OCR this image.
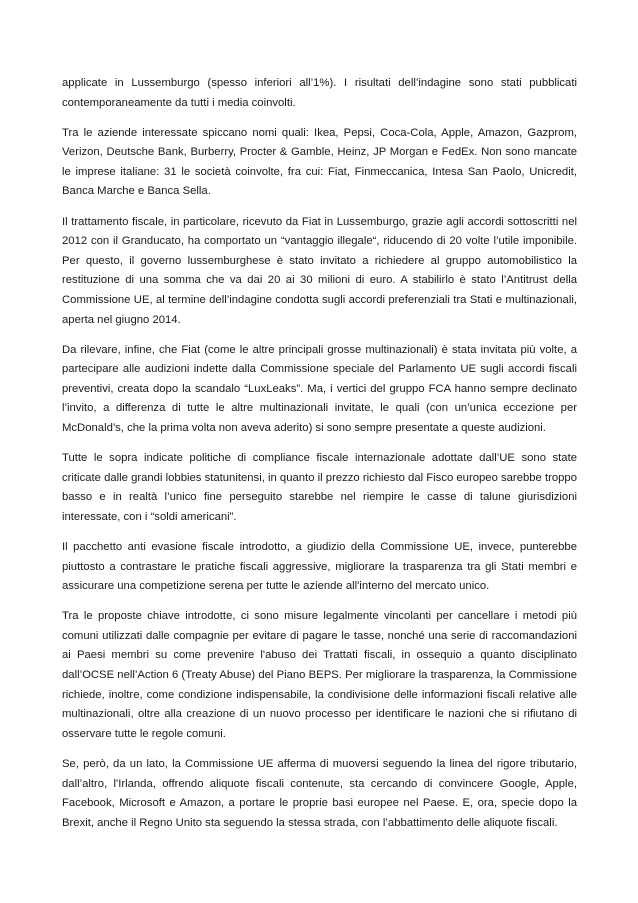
applicate in Lussemburgo (spesso inferiori all’1%). I risultati dell’indagine sono stati pubblicati contemporaneamente da tutti i media coinvolti.

Tra le aziende interessate spiccano nomi quali: Ikea, Pepsi, Coca-Cola, Apple, Amazon, Gazprom, Verizon, Deutsche Bank, Burberry, Procter & Gamble, Heinz, JP Morgan e FedEx. Non sono mancate le imprese italiane: 31 le società coinvolte, fra cui: Fiat, Finmeccanica, Intesa San Paolo, Unicredit, Banca Marche e Banca Sella.

Il trattamento fiscale, in particolare, ricevuto da Fiat in Lussemburgo, grazie agli accordi sottoscritti nel 2012 con il Granducato, ha comportato un “vantaggio illegale“, riducendo di 20 volte l’utile imponibile. Per questo, il governo lussemburghese è stato invitato a richiedere al gruppo automobilistico la restituzione di una somma che va dai 20 ai 30 milioni di euro. A stabilirlo è stato l’Antitrust della Commissione UE, al termine dell’indagine condotta sugli accordi preferenziali tra Stati e multinazionali, aperta nel giugno 2014.

Da rilevare, infine, che Fiat (come le altre principali grosse multinazionali) è stata invitata più volte, a partecipare alle audizioni indette dalla Commissione speciale del Parlamento UE sugli accordi fiscali preventivi, creata dopo la scandalo “LuxLeaks”. Ma, i vertici del gruppo FCA hanno sempre declinato l’invito, a differenza di tutte le altre multinazionali invitate, le quali (con un’unica eccezione per McDonald’s, che la prima volta non aveva aderito) si sono sempre presentate a queste audizioni.

Tutte le sopra indicate politiche di compliance fiscale internazionale adottate dall’UE sono state criticate dalle grandi lobbies statunitensi, in quanto il prezzo richiesto dal Fisco europeo sarebbe troppo basso e in realtà l’unico fine perseguito starebbe nel riempire le casse di talune giurisdizioni interessate, con i “soldi americani”.

Il pacchetto anti evasione fiscale introdotto, a giudizio della Commissione UE, invece, punterebbe piuttosto a contrastare le pratiche fiscali aggressive, migliorare la trasparenza tra gli Stati membri e assicurare una competizione serena per tutte le aziende all'interno del mercato unico.

Tra le proposte chiave introdotte, ci sono misure legalmente vincolanti per cancellare i metodi più comuni utilizzati dalle compagnie per evitare di pagare le tasse, nonché una serie di raccomandazioni ai Paesi membri su come prevenire l'abuso dei Trattati fiscali, in ossequio a quanto disciplinato dall’OCSE nell’Action 6 (Treaty Abuse) del Piano BEPS. Per migliorare la trasparenza, la Commissione richiede, inoltre, come condizione indispensabile, la condivisione delle informazioni fiscali relative alle multinazionali, oltre alla creazione di un nuovo processo per identificare le nazioni che si rifiutano di osservare tutte le regole comuni.

Se, però, da un lato, la Commissione UE afferma di muoversi seguendo la linea del rigore tributario, dall’altro, l'Irlanda, offrendo aliquote fiscali contenute, sta cercando di convincere Google, Apple, Facebook, Microsoft e Amazon, a portare le proprie basi europee nel Paese. E, ora, specie dopo la Brexit, anche il Regno Unito sta seguendo la stessa strada, con l’abbattimento delle aliquote fiscali.
